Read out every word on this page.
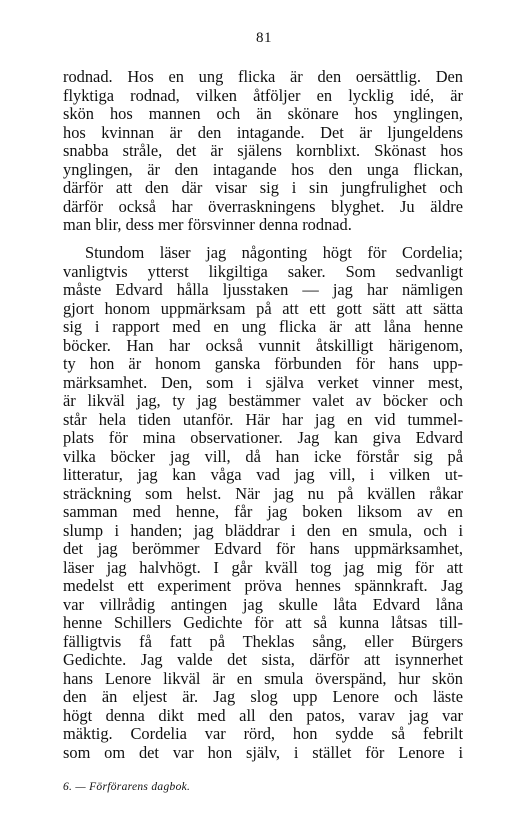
81
rodnad. Hos en ung flicka är den oersättlig. Den
flyktiga rodnad, vilken åtföljer en lycklig idé, är
skön hos mannen och än skönare hos ynglingen,
hos kvinnan är den intagande. Det är ljungeldens
snabba stråle, det är själens kornblixt. Skönast hos
ynglingen, är den intagande hos den unga flickan,
därför att den där visar sig i sin jungfrulighet och
därför också har överraskningens blyghet. Ju äldre
man blir, dess mer försvinner denna rodnad.
Stundom läser jag någonting högt för Cordelia;
vanligtvis ytterst likgiltiga saker. Som sedvanligt
måste Edvard hålla ljusstaken — jag har nämligen
gjort honom uppmärksam på att ett gott sätt att sätta
sig i rapport med en ung flicka är att låna henne
böcker. Han har också vunnit åtskilligt härigenom,
ty hon är honom ganska förbunden för hans upp-
märksamhet. Den, som i själva verket vinner mest,
är likväl jag, ty jag bestämmer valet av böcker och
står hela tiden utanför. Här har jag en vid tummel-
plats för mina observationer. Jag kan giva Edvard
vilka böcker jag vill, då han icke förstår sig på
litteratur, jag kan våga vad jag vill, i vilken ut-
sträckning som helst. När jag nu på kvällen råkar
samman med henne, får jag boken liksom av en
slump i handen; jag bläddrar i den en smula, och i
det jag berömmer Edvard för hans uppmärksamhet,
läser jag halvhögt. I går kväll tog jag mig för att
medelst ett experiment pröva hennes spännkraft. Jag
var villrådig antingen jag skulle låta Edvard låna
henne Schillers Gedichte för att så kunna låtsas till-
fälligtvis få fatt på Theklas sång, eller Bürgers
Gedichte. Jag valde det sista, därför att isynnerhet
hans Lenore likväl är en smula överspänd, hur skön
den än eljest är. Jag slog upp Lenore och läste
högt denna dikt med all den patos, varav jag var
mäktig. Cordelia var rörd, hon sydde så febrilt
som om det var hon själv, i stället för Lenore i
6. — Förförarens dagbok.
